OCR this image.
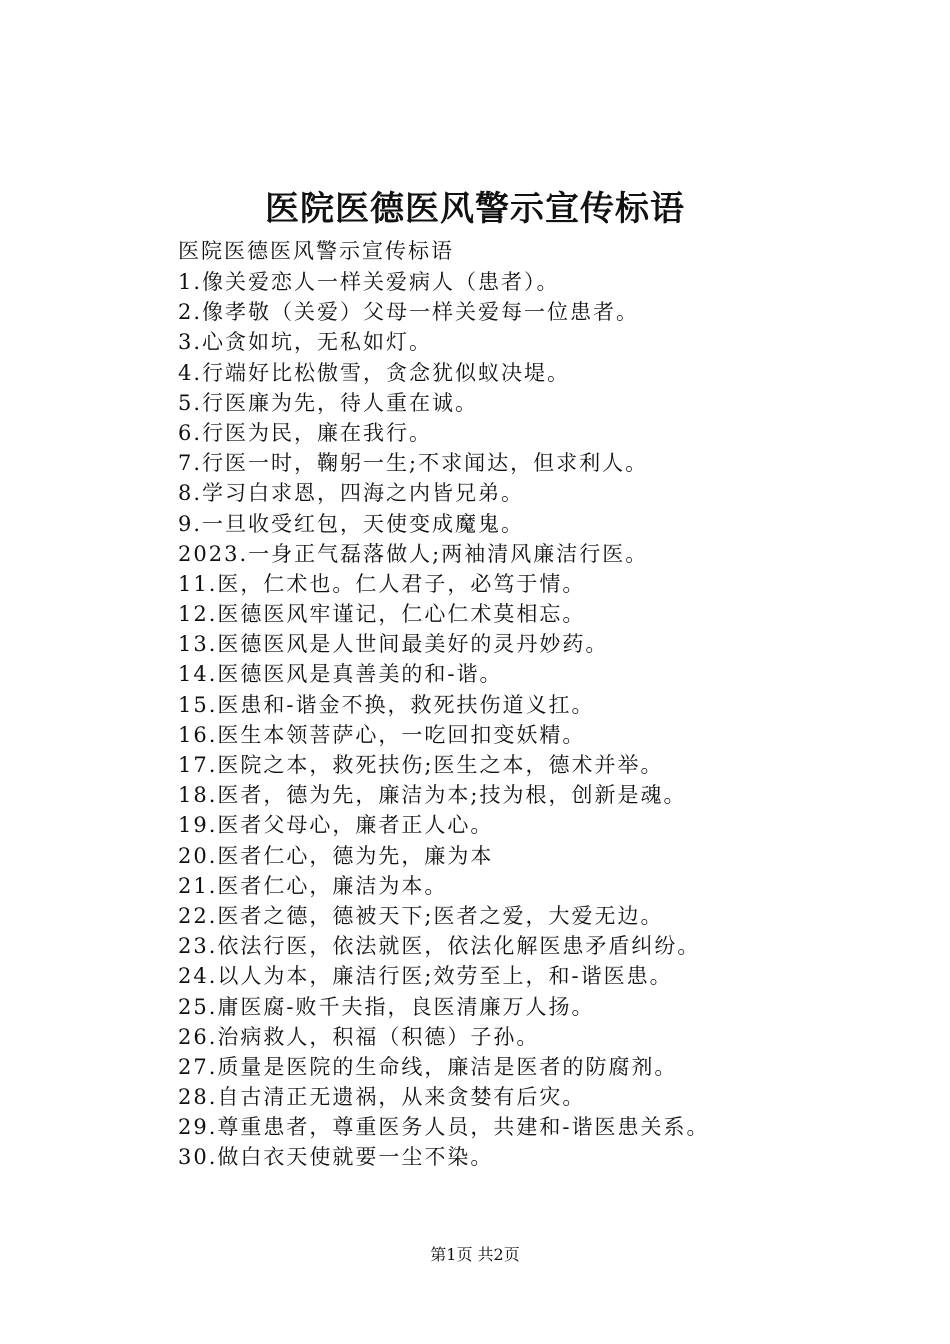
医院医德医风警示宣传标语

医院医德医风警示宣传标语

1.像关爱恋人一样关爱病人（患者）。
2.像孝敬（关爱）父母一样关爱每一位患者。
3.心贪如坑，无私如灯。
4.行端好比松傲雪，贪念犹似蚁决堤。
5.行医廉为先，待人重在诚。
6.行医为民，廉在我行。
7.行医一时，鞠躬一生;不求闻达，但求利人。
8.学习白求恩，四海之内皆兄弟。
9.一旦收受红包，天使变成魔鬼。
2023.一身正气磊落做人;两袖清风廉洁行医。
11.医，仁术也。仁人君子，必笃于情。
12.医德医风牢谨记，仁心仁术莫相忘。
13.医德医风是人世间最美好的灵丹妙药。
14.医德医风是真善美的和-谐。
15.医患和-谐金不换，救死扶伤道义扛。
16.医生本领菩萨心，一吃回扣变妖精。
17.医院之本，救死扶伤;医生之本，德术并举。
18.医者，德为先，廉洁为本;技为根，创新是魂。
19.医者父母心，廉者正人心。
20.医者仁心，德为先，廉为本
21.医者仁心，廉洁为本。
22.医者之德，德被天下;医者之爱，大爱无边。
23.依法行医，依法就医，依法化解医患矛盾纠纷。
24.以人为本，廉洁行医;效劳至上，和-谐医患。
25.庸医腐-败千夫指，良医清廉万人扬。
26.治病救人，积福（积德）子孙。
27.质量是医院的生命线，廉洁是医者的防腐剂。
28.自古清正无遗祸，从来贪婪有后灾。
29.尊重患者，尊重医务人员，共建和-谐医患关系。
30.做白衣天使就要一尘不染。
第1页 共2页
